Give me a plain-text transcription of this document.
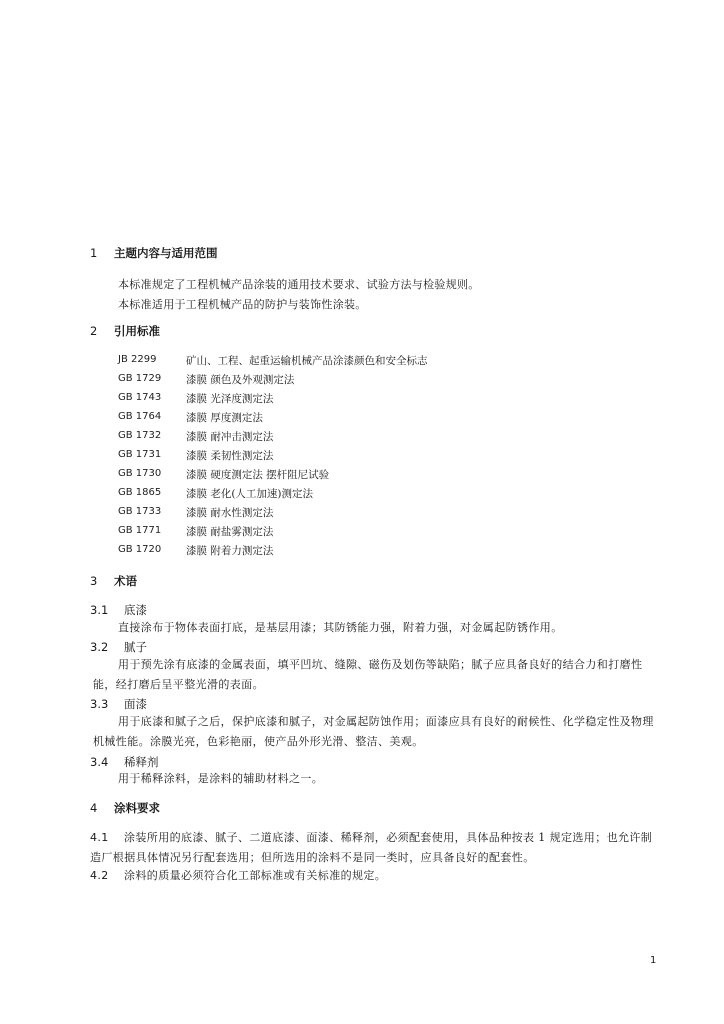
1 主题内容与适用范围
本标准规定了工程机械产品涂装的通用技术要求、试验方法与检验规则。
本标准适用于工程机械产品的防护与装饰性涂装。
2 引用标准
JB 2299	矿山、工程、起重运输机械产品涂漆颜色和安全标志
GB 1729	漆膜 颜色及外观测定法
GB 1743	漆膜 光泽度测定法
GB 1764	漆膜 厚度测定法
GB 1732	漆膜 耐冲击测定法
GB 1731	漆膜 柔韧性测定法
GB 1730	漆膜 硬度测定法 摆杆阻尼试验
GB 1865	漆膜 老化(人工加速)测定法
GB 1733	漆膜 耐水性测定法
GB 1771	漆膜 耐盐雾测定法
GB 1720	漆膜 附着力测定法
3 术语
3.1 底漆
直接涂布于物体表面打底，是基层用漆；其防锈能力强，附着力强，对金属起防锈作用。
3.2 腻子
用于预先涂有底漆的金属表面，填平凹坑、缝隙、磁伤及划伤等缺陷；腻子应具备良好的结合力和打磨性能，经打磨后呈平整光滑的表面。
3.3 面漆
用于底漆和腻子之后，保护底漆和腻子，对金属起防蚀作用；面漆应具有良好的耐候性、化学稳定性及物理机械性能。涂膜光亮，色彩艳丽，使产品外形光滑、整洁、美观。
3.4 稀释剂
用于稀释涂料，是涂料的辅助材料之一。
4 涂料要求
4.1 涂装所用的底漆、腻子、二道底漆、面漆、稀释剂，必须配套使用，具体品种按表 1 规定选用；也允许制造厂根据具体情况另行配套选用；但所选用的涂料不是同一类时，应具备良好的配套性。
4.2 涂料的质量必须符合化工部标准或有关标准的规定。
1
